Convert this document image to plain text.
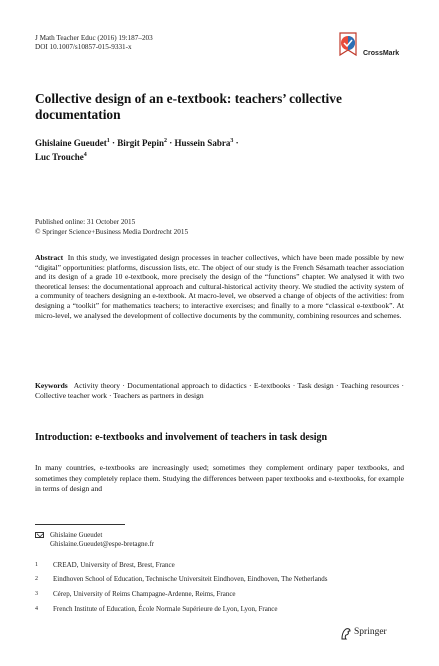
J Math Teacher Educ (2016) 19:187–203
DOI 10.1007/s10857-015-9331-x
CrossMark
Collective design of an e-textbook: teachers’ collective documentation
Ghislaine Gueudet$^1$ · Birgit Pepin$^2$ · Hussein Sabra$^3$ ·
Luc Trouche$^4$
Published online: 31 October 2015
© Springer Science+Business Media Dordrecht 2015
Abstract In this study, we investigated design processes in teacher collectives, which have been made possible by new “digital” opportunities: platforms, discussion lists, etc. The object of our study is the French Sésamath teacher association and its design of a grade 10 e-textbook, more precisely the design of the “functions” chapter. We analysed it with two theoretical lenses: the documentational approach and cultural-historical activity theory. We studied the activity system of a community of teachers designing an e-textbook. At macro-level, we observed a change of objects of the activities: from designing a “toolkit” for mathematics teachers; to interactive exercises; and finally to a more “classical e-textbook”. At micro-level, we analysed the development of collective documents by the community, combining resources and schemes.
Keywords Activity theory · Documentational approach to didactics · E-textbooks · Task design · Teaching resources · Collective teacher work · Teachers as partners in design
Introduction: e-textbooks and involvement of teachers in task design
In many countries, e-textbooks are increasingly used; sometimes they complement ordinary paper textbooks, and sometimes they completely replace them. Studying the differences between paper textbooks and e-textbooks, for example in terms of design and
Ghislaine Gueudet
Ghislaine.Gueudet@espe-bretagne.fr
1 CREAD, University of Brest, Brest, France
2 Eindhoven School of Education, Technische Universiteit Eindhoven, Eindhoven, The Netherlands
3 Cérep, University of Reims Champagne-Ardenne, Reims, France
4 French Institute of Education, École Normale Supérieure de Lyon, Lyon, France
Springer
